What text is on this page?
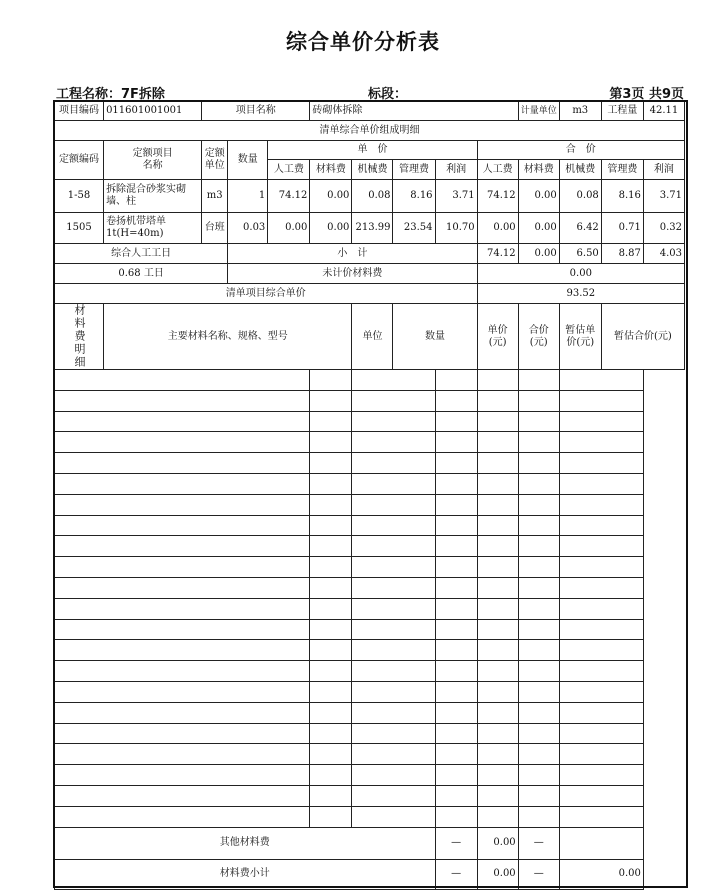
综合单价分析表
工程名称：7F拆除	标段：	第3页 共9页
项目编码	011601001001	项目名称			砖砌体拆除					计量单位	m3	工程量	42.11
清单综合单价组成明细													
定额编码	定额项目名称	定额单位	数量	单　价					合　价				
				人工费	材料费	机械费	管理费	利润	人工费	材料费	机械费	管理费	利润
1-58	拆除混合砂浆实砌墙、柱	m3	1	74.12	0.00	0.08	8.16	3.71	74.12	0.00	0.08	8.16	3.71
1505	卷扬机带塔单1t(H=40m)	台班	0.03	0.00	0.00	213.99	23.54	10.70	0.00	0.00	6.42	0.71	0.32
综合人工工日			小　计						74.12	0.00	6.50	8.87	4.03
0.68 工日			未计价材料费						0.00				
清单项目综合单价									93.52				
材料费明细	主要材料名称、规格、型号					单位	数量		单价(元)	合价(元)	暂估单价(元)	暂估合价(元)	

其他材料费								—	0.00	—			
材料费小计								—	0.00	—	0.00		
